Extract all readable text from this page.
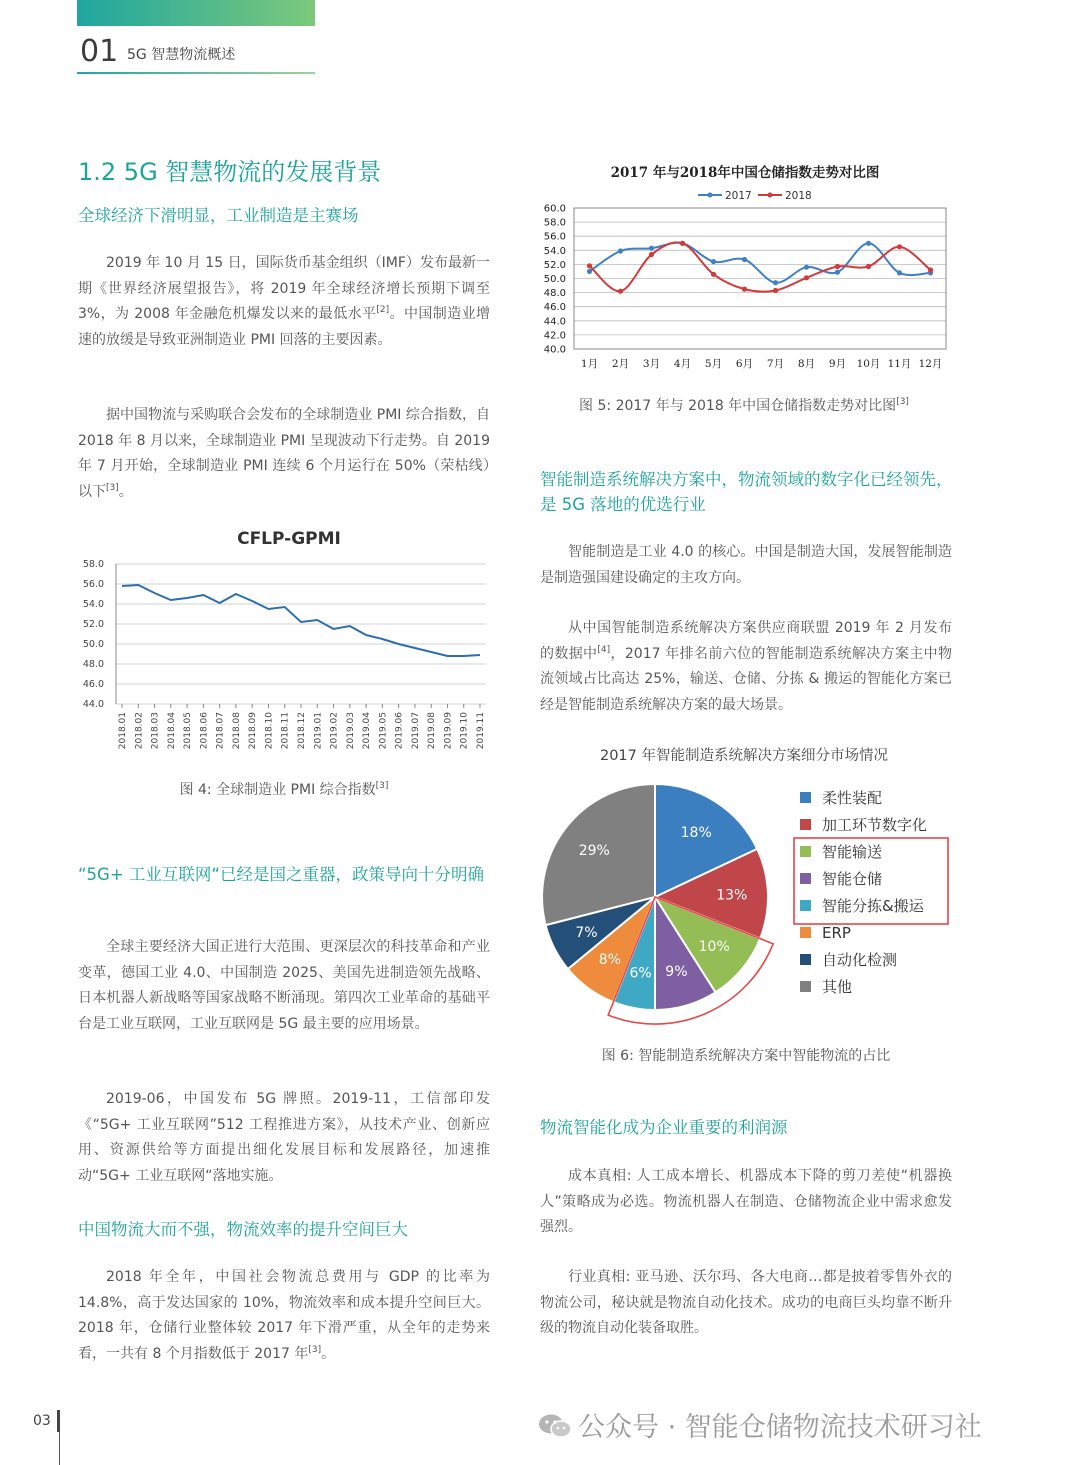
01 5G 智慧物流概述
1.2 5G 智慧物流的发展背景
全球经济下滑明显，工业制造是主赛场

2019 年 10 月 15 日，国际货币基金组织（IMF）发布最新一期《世界经济展望报告》，将 2019 年全球经济增长预期下调至 3%，为 2008 年金融危机爆发以来的最低水平[2]。中国制造业增速的放缓是导致亚洲制造业 PMI 回落的主要因素。

据中国物流与采购联合会发布的全球制造业 PMI 综合指数，自 2018 年 8 月以来，全球制造业 PMI 呈现波动下行走势。自 2019 年 7 月开始，全球制造业 PMI 连续 6 个月运行在 50%（荣枯线）以下[3]。

CFLP-GPMI
44.0
46.0
48.0
50.0
52.0
54.0
56.0
58.0
2018.01 2018.02 2018.03 2018.04 2018.05 2018.06 2018.07 2018.08 2018.09 2018.10 2018.11 2018.12 2019.01 2019.02 2019.03 2019.04 2019.05 2019.06 2019.07 2019.08 2019.09 2019.10 2019.11
图 4: 全球制造业 PMI 综合指数[3]
“5G+ 工业互联网“已经是国之重器，政策导向十分明确

全球主要经济大国正进行大范围、更深层次的科技革命和产业变革，德国工业 4.0、中国制造 2025、美国先进制造领先战略、日本机器人新战略等国家战略不断涌现。第四次工业革命的基础平台是工业互联网，工业互联网是 5G 最主要的应用场景。

2019-06，中国发布 5G 牌照。2019-11，工信部印发《“5G+ 工业互联网”512 工程推进方案》，从技术产业、创新应用、资源供给等方面提出细化发展目标和发展路径，加速推动“5G+ 工业互联网“落地实施。

中国物流大而不强，物流效率的提升空间巨大

2018 年全年，中国社会物流总费用与 GDP 的比率为 14.8%，高于发达国家的 10%，物流效率和成本提升空间巨大。2018 年，仓储行业整体较 2017 年下滑严重，从全年的走势来看，一共有 8 个月指数低于 2017 年[3]。

2017 年与2018年中国仓储指数走势对比图
2017	2018
40.0
42.0
44.0
46.0
48.0
50.0
52.0
54.0
56.0
58.0
60.0
1月 2月 3月 4月 5月 6月 7月 8月 9月 10月 11月 12月
图 5: 2017 年与 2018 年中国仓储指数走势对比图[3]
智能制造系统解决方案中，物流领域的数字化已经领先，是 5G 落地的优选行业

智能制造是工业 4.0 的核心。中国是制造大国，发展智能制造是制造强国建设确定的主攻方向。

从中国智能制造系统解决方案供应商联盟 2019 年 2 月发布的数据中[4]，2017 年排名前六位的智能制造系统解决方案主中物流领域占比高达 25%，输送、仓储、分拣 & 搬运的智能化方案已经是智能制造系统解决方案的最大场景。

2017 年智能制造系统解决方案细分市场情况
18%
13%
10%
9%
6%
8%
7%
29%
柔性装配
加工环节数字化
智能输送
智能仓储
智能分拣&搬运
ERP
自动化检测
其他
图 6: 智能制造系统解决方案中智能物流的占比
物流智能化成为企业重要的利润源

成本真相: 人工成本增长、机器成本下降的剪刀差使“机器换人”策略成为必选。物流机器人在制造、仓储物流企业中需求愈发强烈。

行业真相: 亚马逊、沃尔玛、各大电商…都是披着零售外衣的物流公司，秘诀就是物流自动化技术。成功的电商巨头均靠不断升级的物流自动化装备取胜。

03	公众号 · 智能仓储物流技术研习社
